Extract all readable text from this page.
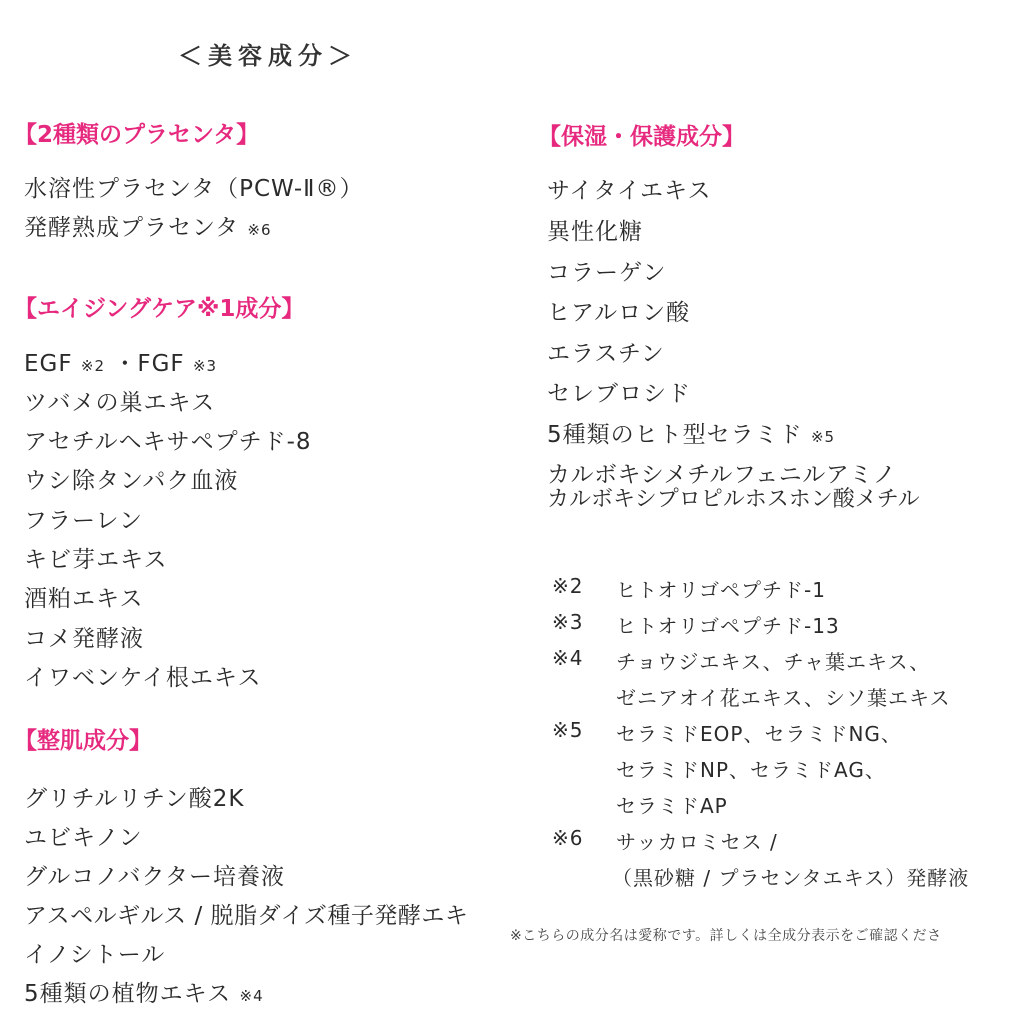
＜美容成分＞
【2種類のプラセンタ】
水溶性プラセンタ（PCW-Ⅱ®）
発酵熟成プラセンタ ※6
【エイジングケア※1成分】
EGF ※2 ・FGF ※3
ツバメの巣エキス
アセチルヘキサペプチド-8
ウシ除タンパク血液
フラーレン
キビ芽エキス
酒粕エキス
コメ発酵液
イワベンケイ根エキス
【整肌成分】
グリチルリチン酸2K
ユビキノン
グルコノバクター培養液
アスペルギルス / 脱脂ダイズ種子発酵エキ
イノシトール
5種類の植物エキス ※4
【保湿・保護成分】
サイタイエキス
異性化糖
コラーゲン
ヒアルロン酸
エラスチン
セレブロシド
5種類のヒト型セラミド ※5
カルボキシメチルフェニルアミノ
カルボキシプロピルホスホン酸メチル
※2 ヒトオリゴペプチド-1
※3 ヒトオリゴペプチド-13
※4 チョウジエキス、チャ葉エキス、
ゼニアオイ花エキス、シソ葉エキス
※5 セラミドEOP、セラミドNG、
セラミドNP、セラミドAG、
セラミドAP
※6 サッカロミセス /
（黒砂糖 / プラセンタエキス）発酵液
※こちらの成分名は愛称です。詳しくは全成分表示をご確認くださ
